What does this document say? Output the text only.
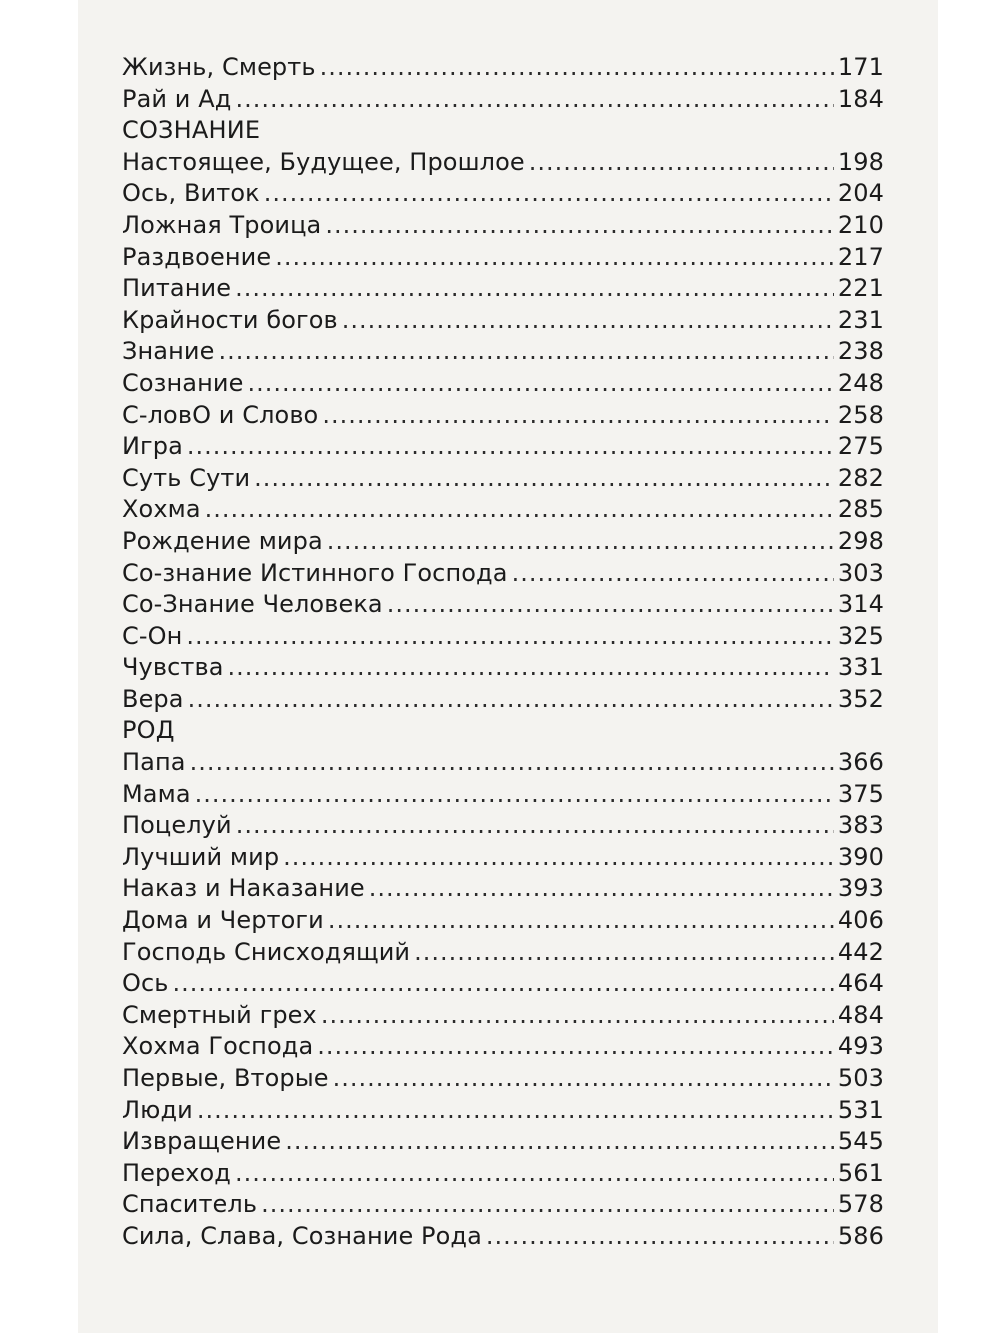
Жизнь, Смерть .....	171
Рай и Ад .....	184
СОЗНАНИЕ
Настоящее, Будущее, Прошлое .....	198
Ось, Виток .....	204
Ложная Троица .....	210
Раздвоение .....	217
Питание .....	221
Крайности богов .....	231
Знание .....	238
Сознание .....	248
С-ловО и Слово .....	258
Игра .....	275
Суть Сути .....	282
Хохма .....	285
Рождение мира .....	298
Со-знание Истинного Господа .....	303
Со-Знание Человека .....	314
С-Он .....	325
Чувства .....	331
Вера .....	352
РОД
Папа .....	366
Мама .....	375
Поцелуй .....	383
Лучший мир .....	390
Наказ и Наказание .....	393
Дома и Чертоги .....	406
Господь Снисходящий .....	442
Ось .....	464
Смертный грех .....	484
Хохма Господа .....	493
Первые, Вторые .....	503
Люди .....	531
Извращение .....	545
Переход .....	561
Спаситель .....	578
Сила, Слава, Сознание Рода .....	586
